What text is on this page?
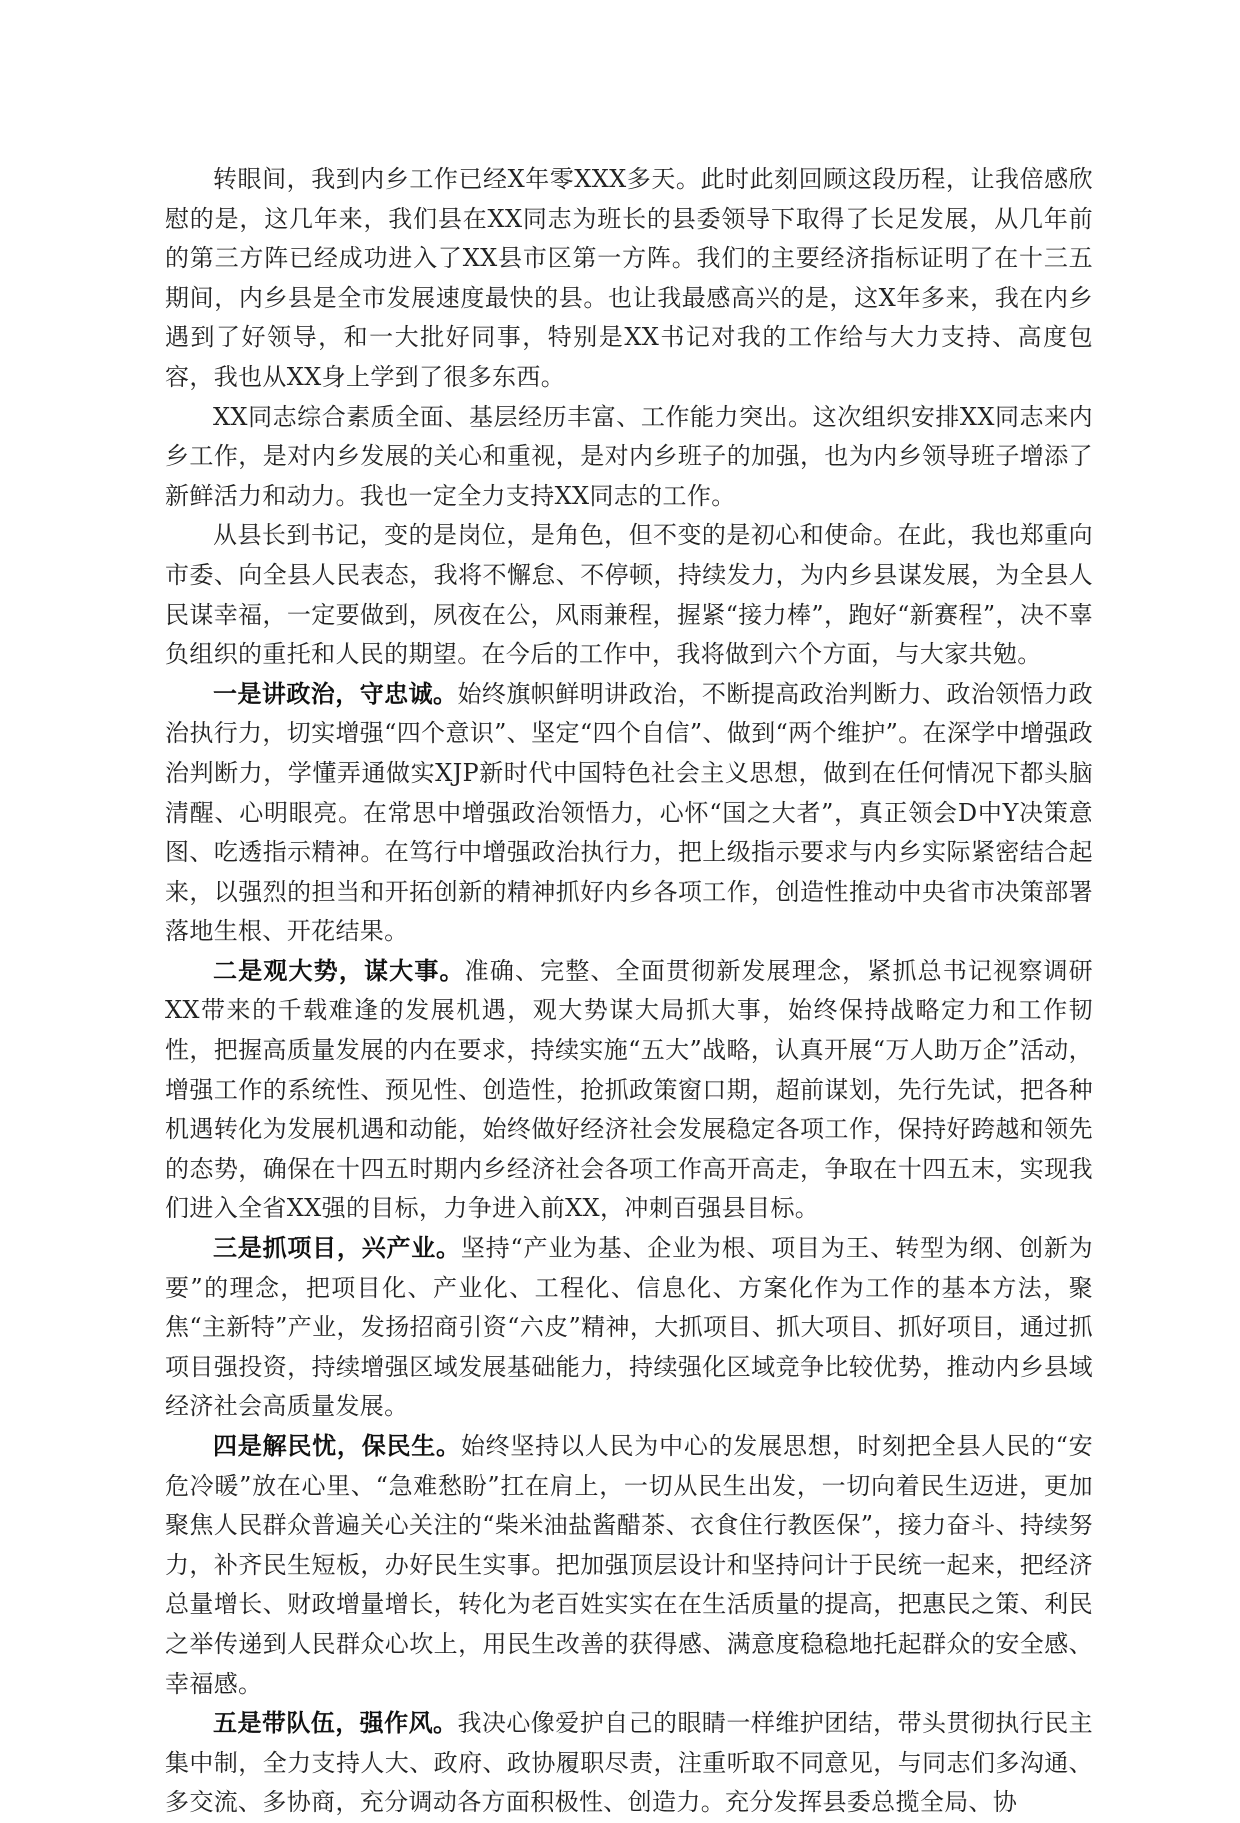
转眼间，我到内乡工作已经X年零XXX多天。此时此刻回顾这段历程，让我倍感欣慰的是，这几年来，我们县在XX同志为班长的县委领导下取得了长足发展，从几年前的第三方阵已经成功进入了XX县市区第一方阵。我们的主要经济指标证明了在十三五期间，内乡县是全市发展速度最快的县。也让我最感高兴的是，这X年多来，我在内乡遇到了好领导，和一大批好同事，特别是XX书记对我的工作给与大力支持、高度包容，我也从XX身上学到了很多东西。

XX同志综合素质全面、基层经历丰富、工作能力突出。这次组织安排XX同志来内乡工作，是对内乡发展的关心和重视，是对内乡班子的加强，也为内乡领导班子增添了新鲜活力和动力。我也一定全力支持XX同志的工作。

从县长到书记，变的是岗位，是角色，但不变的是初心和使命。在此，我也郑重向市委、向全县人民表态，我将不懈怠、不停顿，持续发力，为内乡县谋发展，为全县人民谋幸福，一定要做到，夙夜在公，风雨兼程，握紧“接力棒”，跑好“新赛程”，决不辜负组织的重托和人民的期望。在今后的工作中，我将做到六个方面，与大家共勉。

一是讲政治，守忠诚。始终旗帜鲜明讲政治，不断提高政治判断力、政治领悟力政治执行力，切实增强“四个意识”、坚定“四个自信”、做到“两个维护”。在深学中增强政治判断力，学懂弄通做实XJP新时代中国特色社会主义思想，做到在任何情况下都头脑清醒、心明眼亮。在常思中增强政治领悟力，心怀“国之大者”，真正领会D中Y决策意图、吃透指示精神。在笃行中增强政治执行力，把上级指示要求与内乡实际紧密结合起来，以强烈的担当和开拓创新的精神抓好内乡各项工作，创造性推动中央省市决策部署落地生根、开花结果。

二是观大势，谋大事。准确、完整、全面贯彻新发展理念，紧抓总书记视察调研XX带来的千载难逢的发展机遇，观大势谋大局抓大事，始终保持战略定力和工作韧性，把握高质量发展的内在要求，持续实施“五大”战略，认真开展“万人助万企”活动，增强工作的系统性、预见性、创造性，抢抓政策窗口期，超前谋划，先行先试，把各种机遇转化为发展机遇和动能，始终做好经济社会发展稳定各项工作，保持好跨越和领先的态势，确保在十四五时期内乡经济社会各项工作高开高走，争取在十四五末，实现我们进入全省XX强的目标，力争进入前XX，冲刺百强县目标。

三是抓项目，兴产业。坚持“产业为基、企业为根、项目为王、转型为纲、创新为要”的理念，把项目化、产业化、工程化、信息化、方案化作为工作的基本方法，聚焦“主新特”产业，发扬招商引资“六皮”精神，大抓项目、抓大项目、抓好项目，通过抓项目强投资，持续增强区域发展基础能力，持续强化区域竞争比较优势，推动内乡县域经济社会高质量发展。

四是解民忧，保民生。始终坚持以人民为中心的发展思想，时刻把全县人民的“安危冷暖”放在心里、“急难愁盼”扛在肩上，一切从民生出发，一切向着民生迈进，更加聚焦人民群众普遍关心关注的“柴米油盐酱醋茶、衣食住行教医保”，接力奋斗、持续努力，补齐民生短板，办好民生实事。把加强顶层设计和坚持问计于民统一起来，把经济总量增长、财政增量增长，转化为老百姓实实在在生活质量的提高，把惠民之策、利民之举传递到人民群众心坎上，用民生改善的获得感、满意度稳稳地托起群众的安全感、幸福感。

五是带队伍，强作风。我决心像爱护自己的眼睛一样维护团结，带头贯彻执行民主集中制，全力支持人大、政府、政协履职尽责，注重听取不同意见，与同志们多沟通、多交流、多协商，充分调动各方面积极性、创造力。充分发挥县委总揽全局、协
